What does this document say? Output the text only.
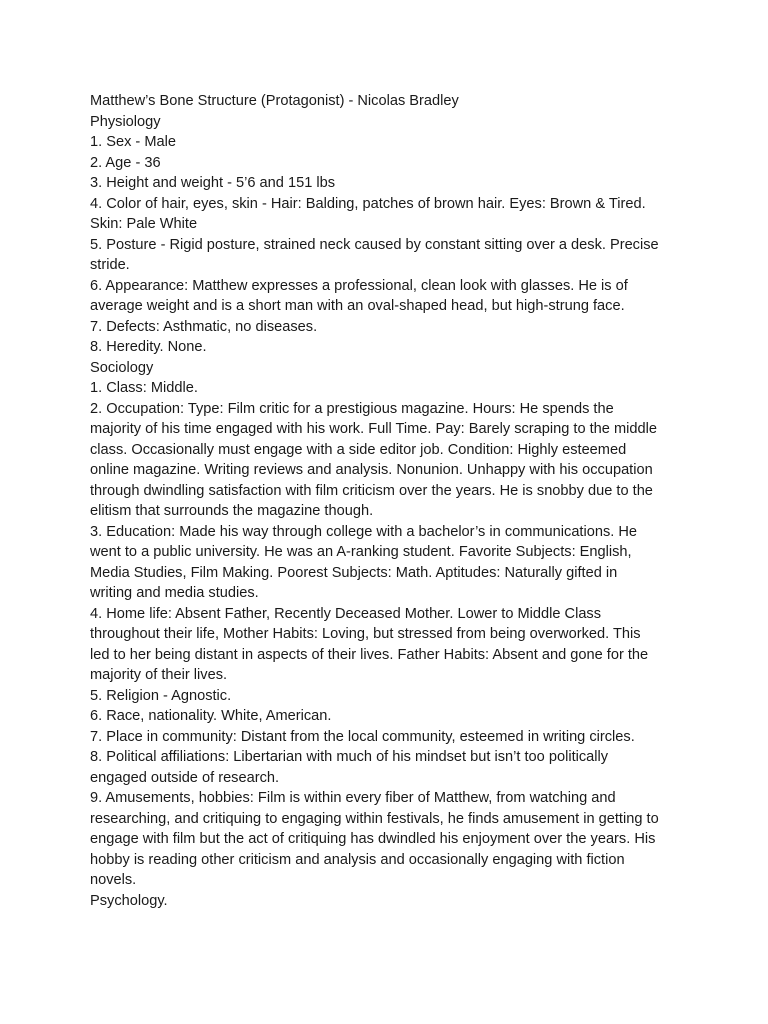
Matthew’s Bone Structure (Protagonist) - Nicolas Bradley
Physiology
1. Sex - Male
2. Age - 36
3. Height and weight - 5’6 and 151 lbs
4. Color of hair, eyes, skin - Hair: Balding, patches of brown hair. Eyes: Brown & Tired.
Skin: Pale White
5. Posture - Rigid posture, strained neck caused by constant sitting over a desk. Precise
stride.
6. Appearance: Matthew expresses a professional, clean look with glasses. He is of
average weight and is a short man with an oval-shaped head, but high-strung face.
7. Defects: Asthmatic, no diseases.
8. Heredity. None.
Sociology
1. Class: Middle.
2. Occupation: Type: Film critic for a prestigious magazine. Hours: He spends the
majority of his time engaged with his work. Full Time. Pay: Barely scraping to the middle
class. Occasionally must engage with a side editor job. Condition: Highly esteemed
online magazine. Writing reviews and analysis. Nonunion. Unhappy with his occupation
through dwindling satisfaction with film criticism over the years. He is snobby due to the
elitism that surrounds the magazine though.
3. Education: Made his way through college with a bachelor’s in communications. He
went to a public university. He was an A-ranking student. Favorite Subjects: English,
Media Studies, Film Making. Poorest Subjects: Math. Aptitudes: Naturally gifted in
writing and media studies.
4. Home life: Absent Father, Recently Deceased Mother. Lower to Middle Class
throughout their life, Mother Habits: Loving, but stressed from being overworked. This
led to her being distant in aspects of their lives. Father Habits: Absent and gone for the
majority of their lives.
5. Religion - Agnostic.
6. Race, nationality. White, American.
7. Place in community: Distant from the local community, esteemed in writing circles.
8. Political affiliations: Libertarian with much of his mindset but isn’t too politically
engaged outside of research.
9. Amusements, hobbies: Film is within every fiber of Matthew, from watching and
researching, and critiquing to engaging within festivals, he finds amusement in getting to
engage with film but the act of critiquing has dwindled his enjoyment over the years. His
hobby is reading other criticism and analysis and occasionally engaging with fiction
novels.
Psychology.
